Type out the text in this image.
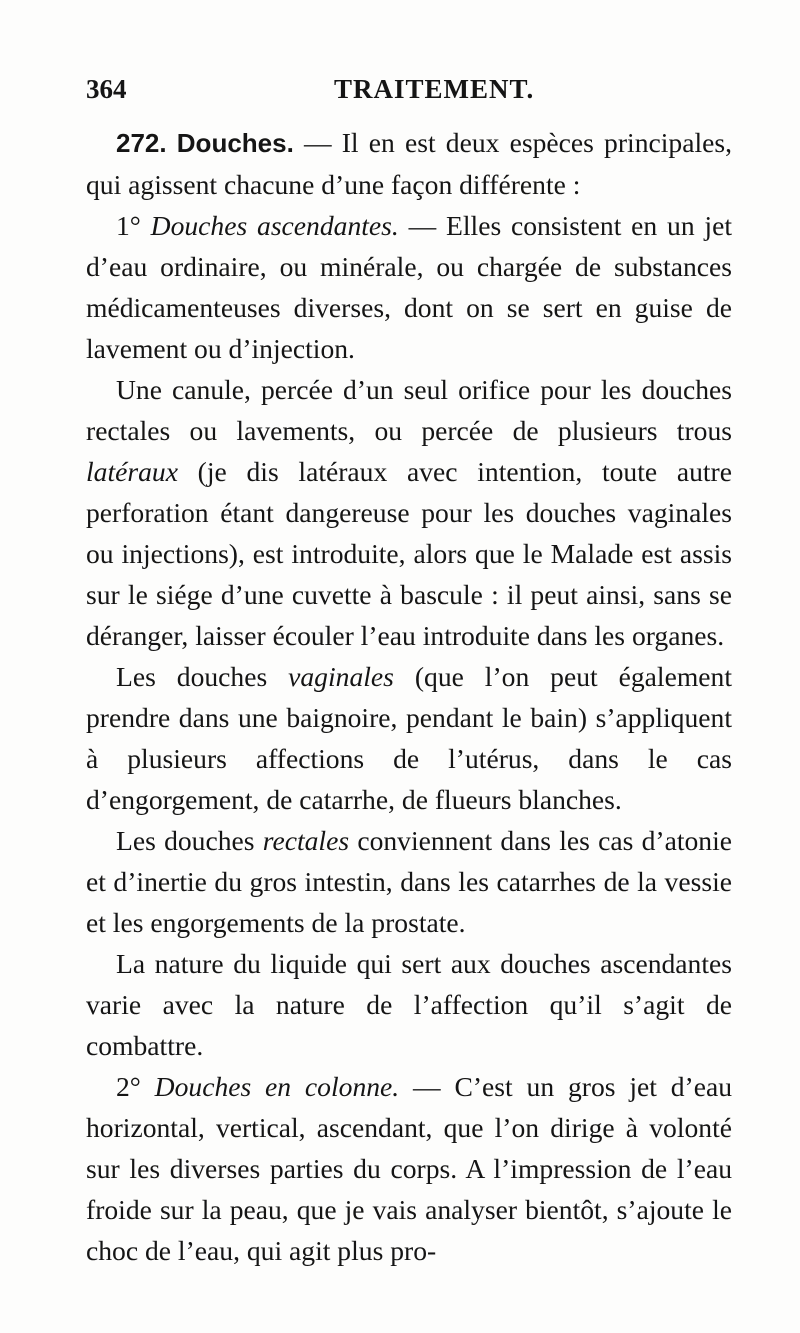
364	TRAITEMENT.

272. Douches. — Il en est deux espèces principales, qui agissent chacune d’une façon différente :

1° Douches ascendantes. — Elles consistent en un jet d’eau ordinaire, ou minérale, ou chargée de substances médicamenteuses diverses, dont on se sert en guise de lavement ou d’injection.

Une canule, percée d’un seul orifice pour les douches rectales ou lavements, ou percée de plusieurs trous latéraux (je dis latéraux avec intention, toute autre perforation étant dangereuse pour les douches vaginales ou injections), est introduite, alors que le Malade est assis sur le siége d’une cuvette à bascule : il peut ainsi, sans se déranger, laisser écouler l’eau introduite dans les organes.

Les douches vaginales (que l’on peut également prendre dans une baignoire, pendant le bain) s’appliquent à plusieurs affections de l’utérus, dans le cas d’engorgement, de catarrhe, de flueurs blanches.

Les douches rectales conviennent dans les cas d’atonie et d’inertie du gros intestin, dans les catarrhes de la vessie et les engorgements de la prostate.

La nature du liquide qui sert aux douches ascendantes varie avec la nature de l’affection qu’il s’agit de combattre.

2° Douches en colonne. — C’est un gros jet d’eau horizontal, vertical, ascendant, que l’on dirige à volonté sur les diverses parties du corps. A l’impression de l’eau froide sur la peau, que je vais analyser bientôt, s’ajoute le choc de l’eau, qui agit plus pro-
